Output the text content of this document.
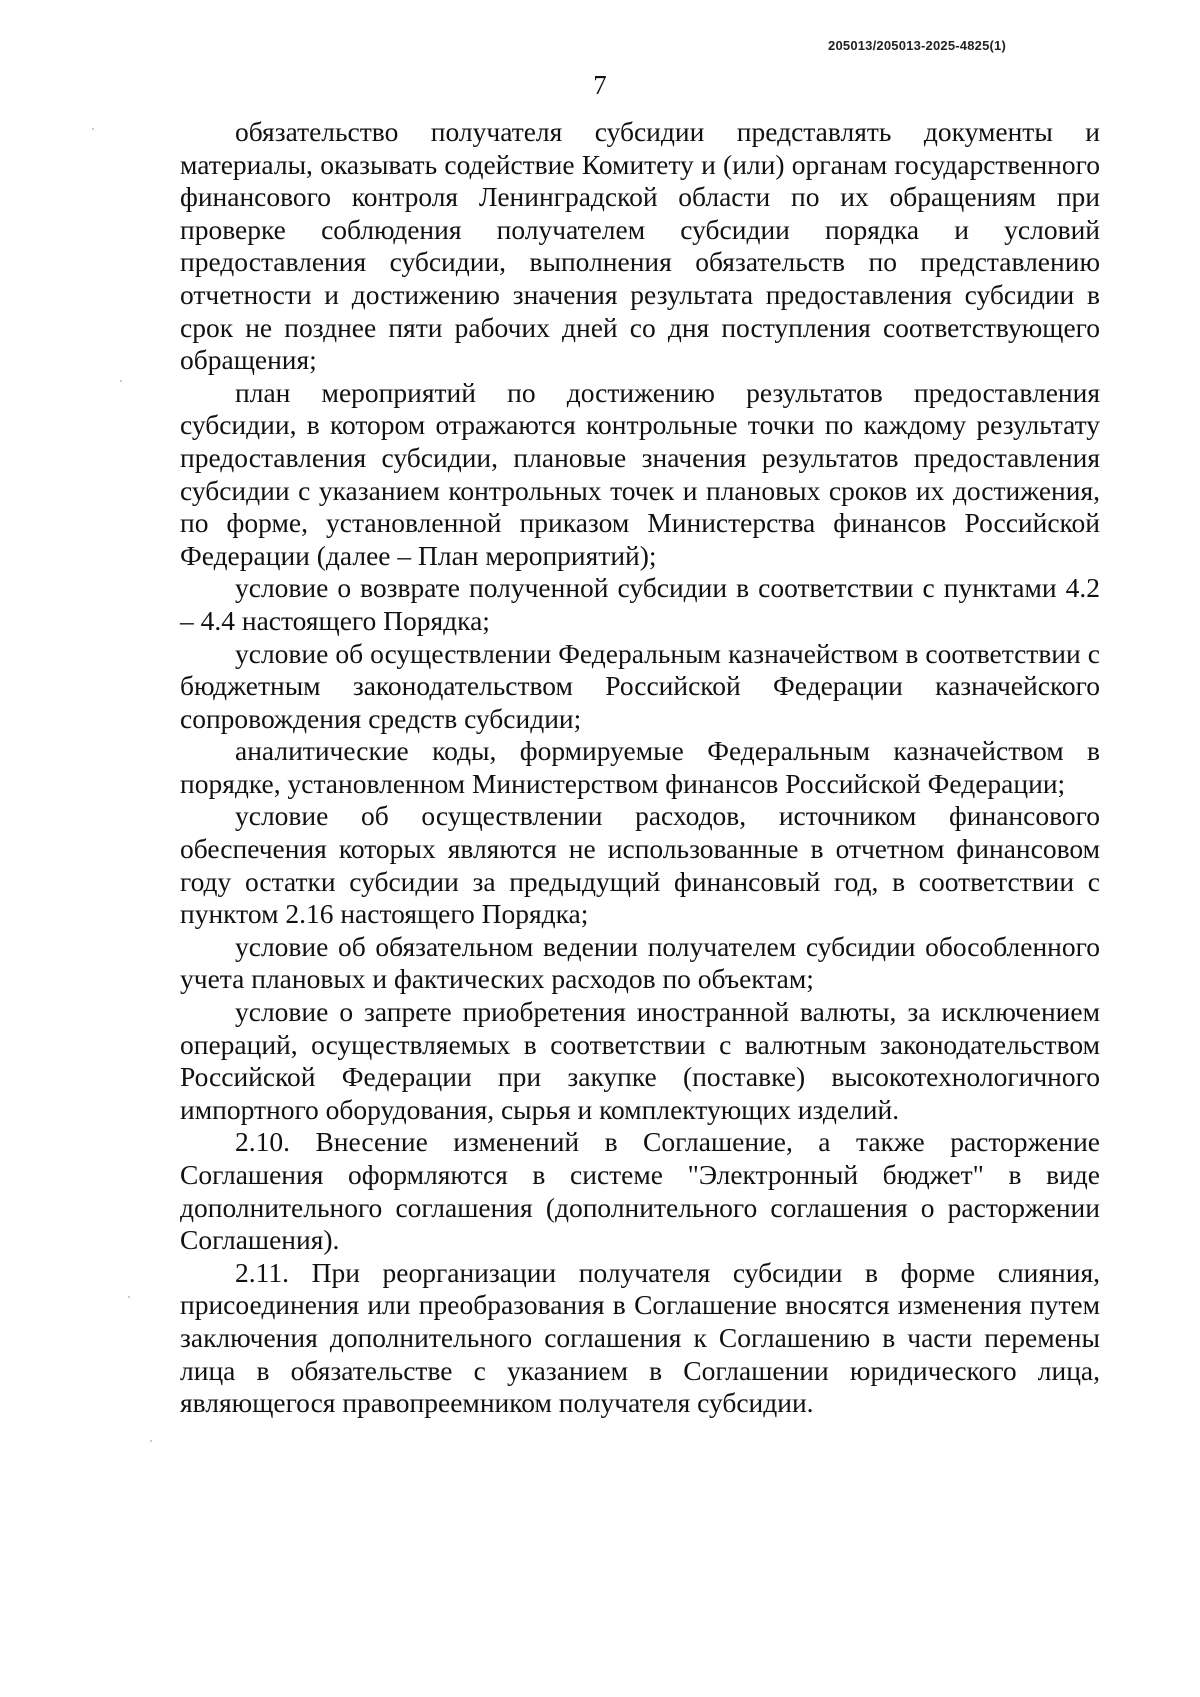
205013/205013-2025-4825(1)
7

обязательство получателя субсидии представлять документы и материалы, оказывать содействие Комитету и (или) органам государственного финансового контроля Ленинградской области по их обращениям при проверке соблюдения получателем субсидии порядка и условий предоставления субсидии, выполнения обязательств по представлению отчетности и достижению значения результата предоставления субсидии в срок не позднее пяти рабочих дней со дня поступления соответствующего обращения;

план мероприятий по достижению результатов предоставления субсидии, в котором отражаются контрольные точки по каждому результату предоставления субсидии, плановые значения результатов предоставления субсидии с указанием контрольных точек и плановых сроков их достижения, по форме, установленной приказом Министерства финансов Российской Федерации (далее – План мероприятий);

условие о возврате полученной субсидии в соответствии с пунктами 4.2 – 4.4 настоящего Порядка;

условие об осуществлении Федеральным казначейством в соответствии с бюджетным законодательством Российской Федерации казначейского сопровождения средств субсидии;

аналитические коды, формируемые Федеральным казначейством в порядке, установленном Министерством финансов Российской Федерации;

условие об осуществлении расходов, источником финансового обеспечения которых являются не использованные в отчетном финансовом году остатки субсидии за предыдущий финансовый год, в соответствии с пунктом 2.16 настоящего Порядка;

условие об обязательном ведении получателем субсидии обособленного учета плановых и фактических расходов по объектам;

условие о запрете приобретения иностранной валюты, за исключением операций, осуществляемых в соответствии с валютным законодательством Российской Федерации при закупке (поставке) высокотехнологичного импортного оборудования, сырья и комплектующих изделий.

2.10. Внесение изменений в Соглашение, а также расторжение Соглашения оформляются в системе "Электронный бюджет" в виде дополнительного соглашения (дополнительного соглашения о расторжении Соглашения).

2.11. При реорганизации получателя субсидии в форме слияния, присоединения или преобразования в Соглашение вносятся изменения путем заключения дополнительного соглашения к Соглашению в части перемены лица в обязательстве с указанием в Соглашении юридического лица, являющегося правопреемником получателя субсидии.
